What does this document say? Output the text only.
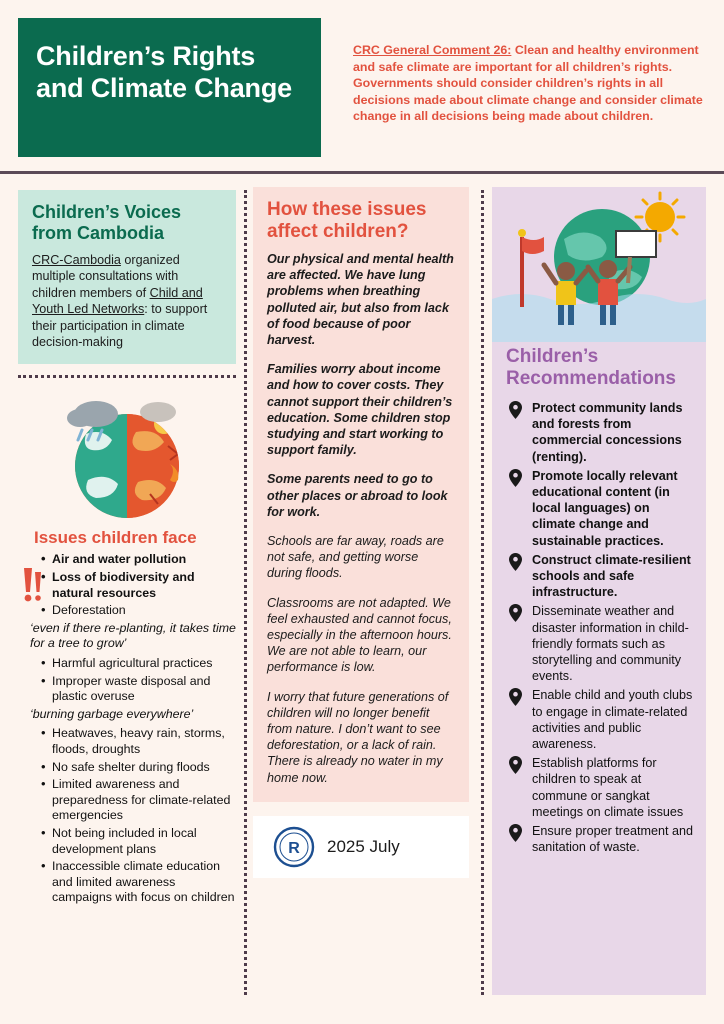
Children’s Rights and Climate Change
CRC General Comment 26: Clean and healthy environment and safe climate are important for all children’s rights. Governments should consider children’s rights in all decisions made about climate change and consider climate change in all decisions being made about children.
Children’s Voices from Cambodia

CRC-Cambodia organized multiple consultations with children members of Child and Youth Led Networks: to support their participation in climate decision-making

Issues children face
• Air and water pollution
• Loss of biodiversity and natural resources
• Deforestation
‘even if there re-planting, it takes time for a tree to grow’
• Harmful agricultural practices
• Improper waste disposal and plastic overuse
‘burning garbage everywhere’
• Heatwaves, heavy rain, storms, floods, droughts
• No safe shelter during floods
• Limited awareness and preparedness for climate-related emergencies
• Not being included in local development plans
• Inaccessible climate education and limited awareness campaigns with focus on children
How these issues affect children?

Our physical and mental health are affected. We have lung problems when breathing polluted air, but also from lack of food because of poor harvest.

Families worry about income and how to cover costs. They cannot support their children’s education. Some children stop studying and start working to support family.

Some parents need to go to other places or abroad to look for work.

Schools are far away, roads are not safe, and getting worse during floods.

Classrooms are not adapted. We feel exhausted and cannot focus, especially in the afternoon hours. We are not able to learn, our performance is low.

I worry that future generations of children will no longer benefit from nature. I don’t want to see deforestation, or a lack of rain. There is already no water in my home now.

R 2025 July
Children’s Recommendations
Protect community lands and forests from commercial concessions (renting).
Promote locally relevant educational content (in local languages) on climate change and sustainable practices.
Construct climate-resilient schools and safe infrastructure.
Disseminate weather and disaster information in child-friendly formats such as storytelling and community events.
Enable child and youth clubs to engage in climate-related activities and public awareness.
Establish platforms for children to speak at commune or sangkat meetings on climate issues
Ensure proper treatment and sanitation of waste.
